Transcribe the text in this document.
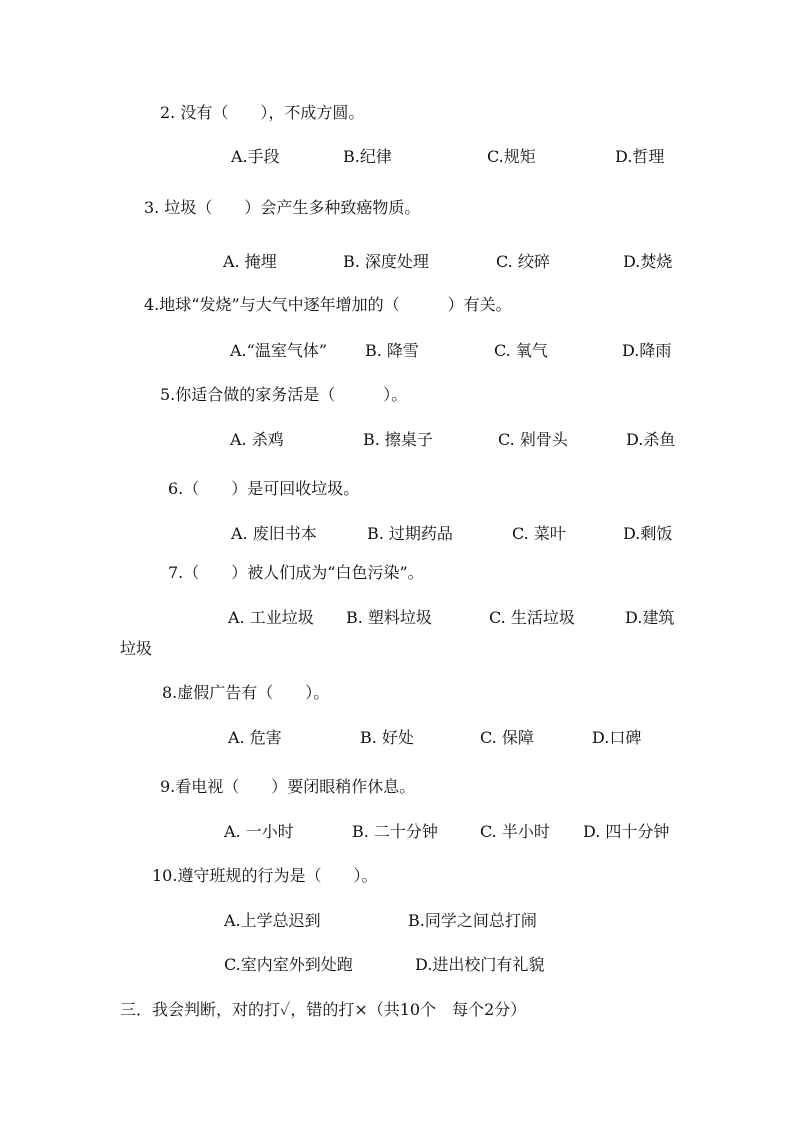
2. 没有（　　），不成方圆。
A.手段	B.纪律	C.规矩	D.哲理
3. 垃圾（　　）会产生多种致癌物质。
A. 掩埋	B. 深度处理	C. 绞碎	D.焚烧
4.地球“发烧”与大气中逐年增加的（　　　）有关。
A.“温室气体” B. 降雪	C. 氧气	D.降雨
5.你适合做的家务活是（　　　）。
A. 杀鸡	B. 擦桌子	C. 剁骨头	D.杀鱼
6.（　　）是可回收垃圾。
A. 废旧书本	B. 过期药品	C. 菜叶	D.剩饭
7.（　　）被人们成为“白色污染”。
A. 工业垃圾 B. 塑料垃圾	C. 生活垃圾	D.建筑
垃圾
8.虚假广告有（　　）。
A. 危害	B. 好处	C. 保障	D.口碑
9.看电视（　　）要闭眼稍作休息。
A. 一小时	B. 二十分钟	C. 半小时 D. 四十分钟
10.遵守班规的行为是（　　）。
A.上学总迟到	B.同学之间总打闹
C.室内室外到处跑	D.进出校门有礼貌
三．我会判断，对的打✓，错的打×（共10个　每个2分）
